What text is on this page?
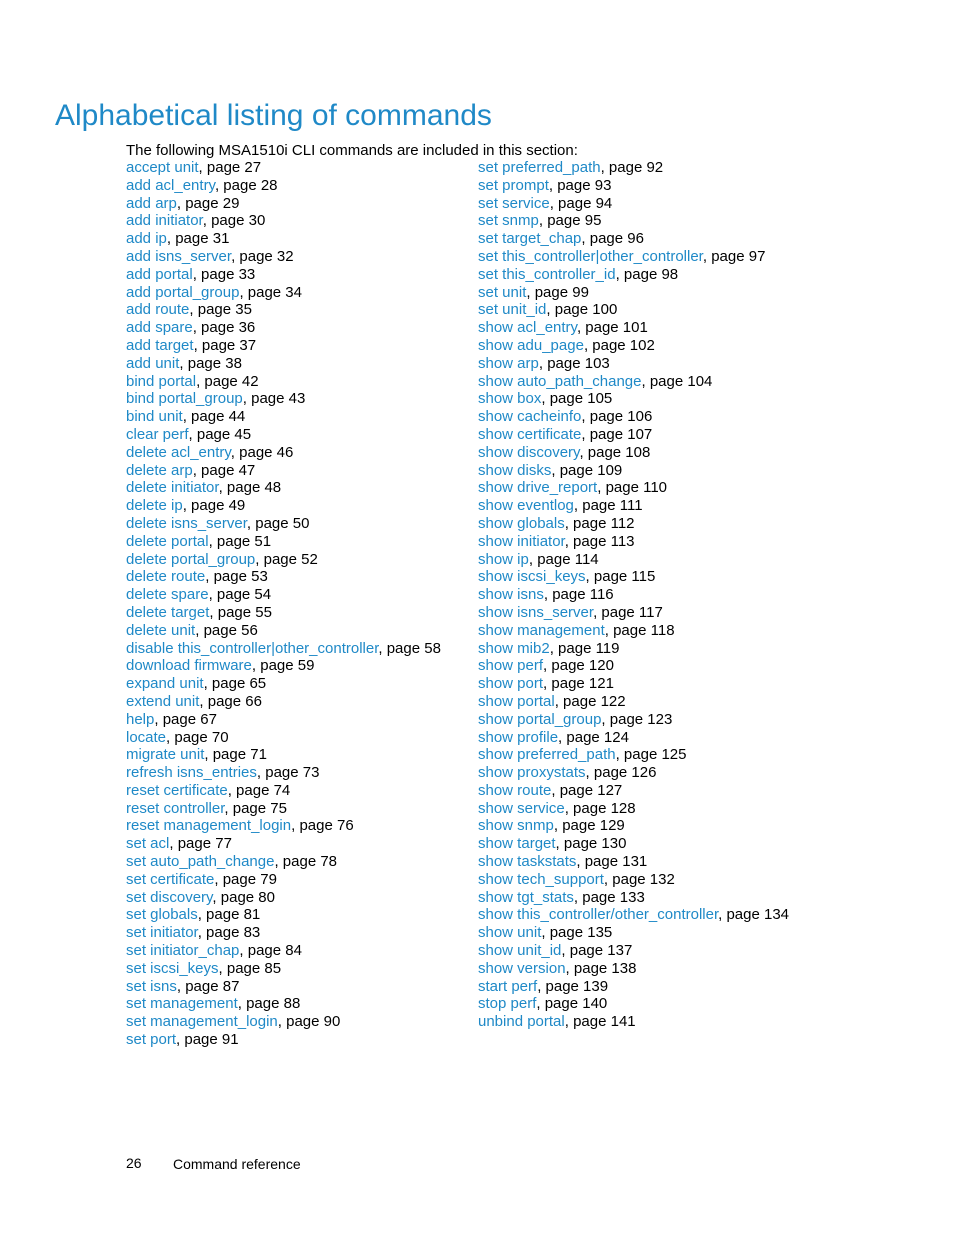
Alphabetical listing of commands
The following MSA1510i CLI commands are included in this section:
accept unit, page 27
add acl_entry, page 28
add arp, page 29
add initiator, page 30
add ip, page 31
add isns_server, page 32
add portal, page 33
add portal_group, page 34
add route, page 35
add spare, page 36
add target, page 37
add unit, page 38
bind portal, page 42
bind portal_group, page 43
bind unit, page 44
clear perf, page 45
delete acl_entry, page 46
delete arp, page 47
delete initiator, page 48
delete ip, page 49
delete isns_server, page 50
delete portal, page 51
delete portal_group, page 52
delete route, page 53
delete spare, page 54
delete target, page 55
delete unit, page 56
disable this_controller|other_controller, page 58
download firmware, page 59
expand unit, page 65
extend unit, page 66
help, page 67
locate, page 70
migrate unit, page 71
refresh isns_entries, page 73
reset certificate, page 74
reset controller, page 75
reset management_login, page 76
set acl, page 77
set auto_path_change, page 78
set certificate, page 79
set discovery, page 80
set globals, page 81
set initiator, page 83
set initiator_chap, page 84
set iscsi_keys, page 85
set isns, page 87
set management, page 88
set management_login, page 90
set port, page 91
set preferred_path, page 92
set prompt, page 93
set service, page 94
set snmp, page 95
set target_chap, page 96
set this_controller|other_controller, page 97
set this_controller_id, page 98
set unit, page 99
set unit_id, page 100
show acl_entry, page 101
show adu_page, page 102
show arp, page 103
show auto_path_change, page 104
show box, page 105
show cacheinfo, page 106
show certificate, page 107
show discovery, page 108
show disks, page 109
show drive_report, page 110
show eventlog, page 111
show globals, page 112
show initiator, page 113
show ip, page 114
show iscsi_keys, page 115
show isns, page 116
show isns_server, page 117
show management, page 118
show mib2, page 119
show perf, page 120
show port, page 121
show portal, page 122
show portal_group, page 123
show profile, page 124
show preferred_path, page 125
show proxystats, page 126
show route, page 127
show service, page 128
show snmp, page 129
show target, page 130
show taskstats, page 131
show tech_support, page 132
show tgt_stats, page 133
show this_controller/other_controller, page 134
show unit, page 135
show unit_id, page 137
show version, page 138
start perf, page 139
stop perf, page 140
unbind portal, page 141
26 Command reference
